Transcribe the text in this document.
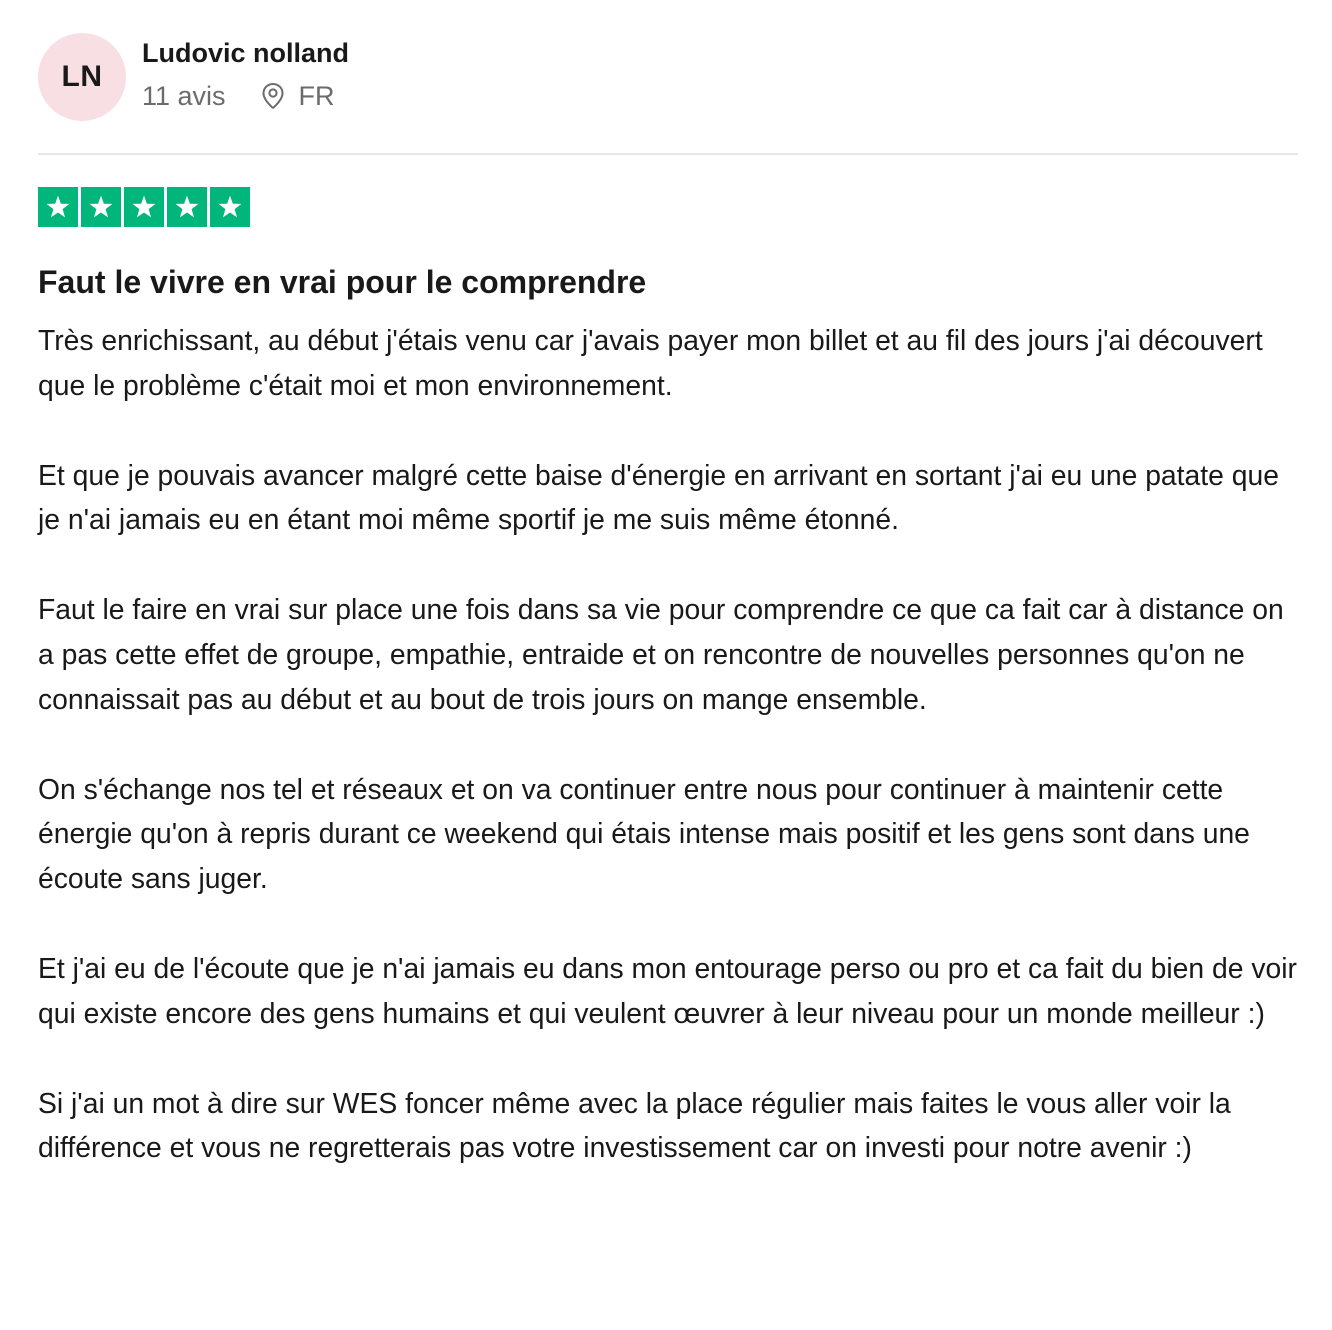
LN
Ludovic nolland
11 avis	FR
Faut le vivre en vrai pour le comprendre

Très enrichissant, au début j'étais venu car j'avais payer mon billet et au fil des jours j'ai découvert que le problème c'était moi et mon environnement.

Et que je pouvais avancer malgré cette baise d'énergie en arrivant en sortant j'ai eu une patate que je n'ai jamais eu en étant moi même sportif je me suis même étonné.

Faut le faire en vrai sur place une fois dans sa vie pour comprendre ce que ca fait car à distance on a pas cette effet de groupe, empathie, entraide et on rencontre de nouvelles personnes qu'on ne connaissait pas au début et au bout de trois jours on mange ensemble.

On s'échange nos tel et réseaux et on va continuer entre nous pour continuer à maintenir cette énergie qu'on à repris durant ce weekend qui étais intense mais positif et les gens sont dans une écoute sans juger.

Et j'ai eu de l'écoute que je n'ai jamais eu dans mon entourage perso ou pro et ca fait du bien de voir qui existe encore des gens humains et qui veulent œuvrer à leur niveau pour un monde meilleur :)

Si j'ai un mot à dire sur WES foncer même avec la place régulier mais faites le vous aller voir la différence et vous ne regretterais pas votre investissement car on investi pour notre avenir :)
